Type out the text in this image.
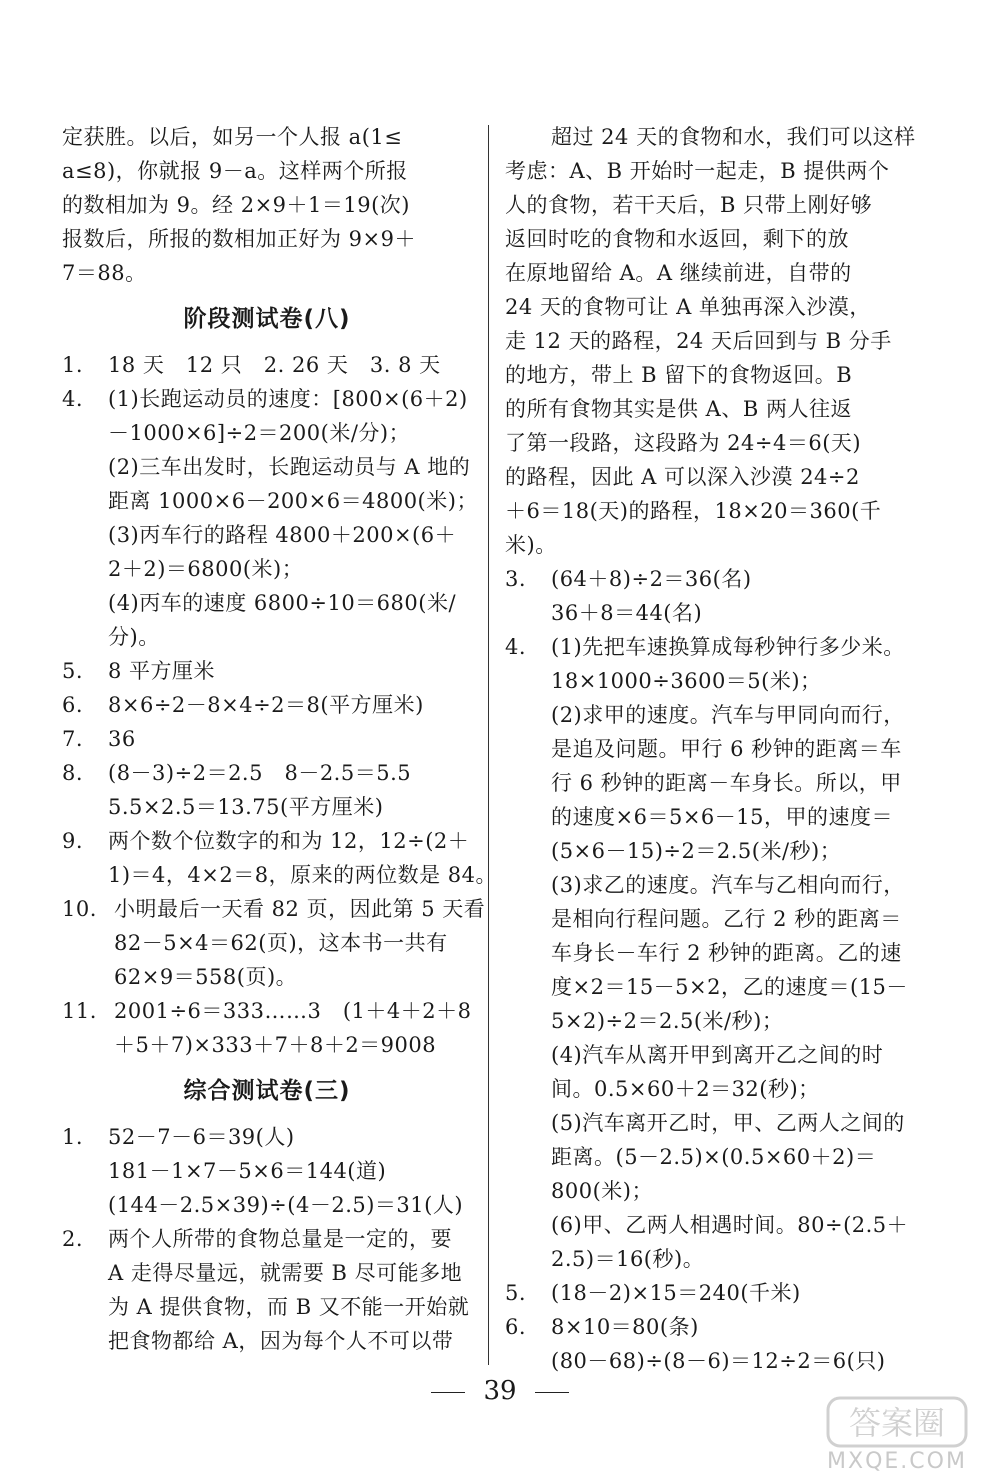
定获胜。以后，如另一个人报 a(1≤
a≤8)，你就报 9－a。这样两个所报
的数相加为 9。经 2×9＋1＝19(次)
报数后，所报的数相加正好为 9×9＋
7＝88。
阶段测试卷(八)
1.	18 天　12 只　2. 26 天　3. 8 天
4.	(1)长跑运动员的速度：[800×(6＋2)
－1000×6]÷2＝200(米/分)；
(2)三车出发时，长跑运动员与 A 地的
距离 1000×6－200×6＝4800(米)；
(3)丙车行的路程 4800＋200×(6＋
2＋2)＝6800(米)；
(4)丙车的速度 6800÷10＝680(米/
分)。
5.	8 平方厘米
6.	8×6÷2－8×4÷2＝8(平方厘米)
7.	36
8.	(8－3)÷2＝2.5　8－2.5＝5.5
5.5×2.5＝13.75(平方厘米)
9.	两个数个位数字的和为 12，12÷(2＋
1)＝4，4×2＝8，原来的两位数是 84。
10. 小明最后一天看 82 页，因此第 5 天看
82－5×4＝62(页)，这本书一共有
62×9＝558(页)。
11. 2001÷6＝333……3　(1＋4＋2＋8
＋5＋7)×333＋7＋8＋2＝9008
综合测试卷(三)
1.	52－7－6＝39(人)
181－1×7－5×6＝144(道)
(144－2.5×39)÷(4－2.5)＝31(人)
2.	两个人所带的食物总量是一定的，要
A 走得尽量远，就需要 B 尽可能多地
为 A 提供食物，而 B 又不能一开始就
把食物都给 A，因为每个人不可以带
超过 24 天的食物和水，我们可以这样
考虑：A、B 开始时一起走，B 提供两个
人的食物，若干天后，B 只带上刚好够
返回时吃的食物和水返回，剩下的放
在原地留给 A。A 继续前进，自带的
24 天的食物可让 A 单独再深入沙漠，
走 12 天的路程，24 天后回到与 B 分手
的地方，带上 B 留下的食物返回。B
的所有食物其实是供 A、B 两人往返
了第一段路，这段路为 24÷4＝6(天)
的路程，因此 A 可以深入沙漠 24÷2
＋6＝18(天)的路程，18×20＝360(千
米)。
3.	(64＋8)÷2＝36(名)
36＋8＝44(名)
4.	(1)先把车速换算成每秒钟行多少米。
18×1000÷3600＝5(米)；
(2)求甲的速度。汽车与甲同向而行，
是追及问题。甲行 6 秒钟的距离＝车
行 6 秒钟的距离－车身长。所以，甲
的速度×6＝5×6－15，甲的速度＝
(5×6－15)÷2＝2.5(米/秒)；
(3)求乙的速度。汽车与乙相向而行，
是相向行程问题。乙行 2 秒的距离＝
车身长－车行 2 秒钟的距离。乙的速
度×2＝15－5×2，乙的速度＝(15－
5×2)÷2＝2.5(米/秒)；
(4)汽车从离开甲到离开乙之间的时
间。0.5×60＋2＝32(秒)；
(5)汽车离开乙时，甲、乙两人之间的
距离。(5－2.5)×(0.5×60＋2)＝
800(米)；
(6)甲、乙两人相遇时间。80÷(2.5＋
2.5)＝16(秒)。
5.	(18－2)×15＝240(千米)
6.	8×10＝80(条)
(80－68)÷(8－6)＝12÷2＝6(只)
39
答案圈
MXQE.COM
